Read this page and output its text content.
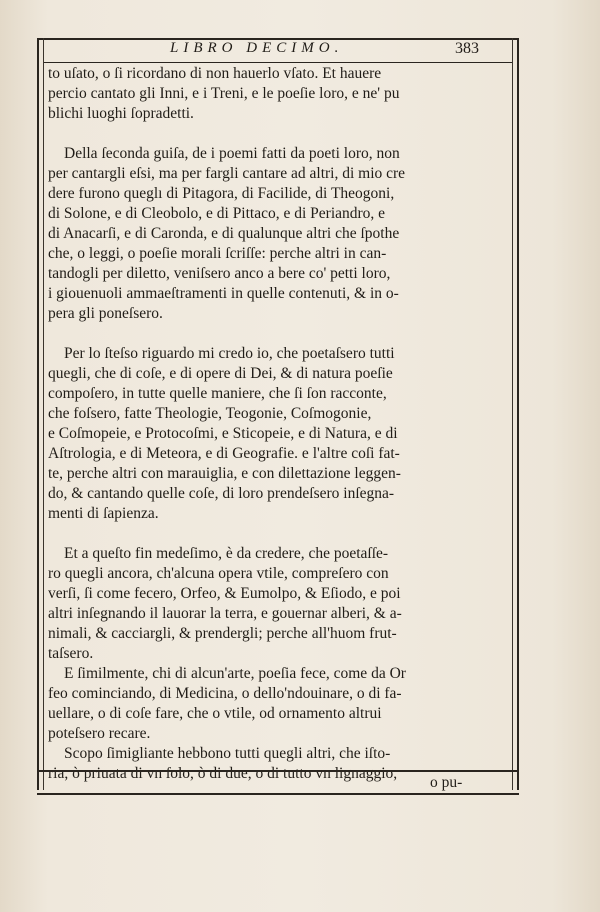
LIBRO DECIMO.	383
to uſato, o ſi ricordano di non hauerlo vſato. Et hauere
percio cantato gli Inni, e i Treni, e le poeſie loro, e ne' pu
blichi luoghi ſopradetti.
Della ſeconda guiſa, de i poemi fatti da poeti loro, non
per cantargli eſsi, ma per fargli cantare ad altri, di mio cre
dere furono queglı di Pitagora, di Facilide, di Theogoni,
di Solone, e di Cleobolo, e di Pittaco, e di Periandro, e
di Anacarſi, e di Caronda, e di qualunque altri che ſpothe
che, o leggi, o poeſie morali ſcriſſe: perche altri in can-
tandogli per diletto, veniſsero anco a bere co' petti loro,
i giouenuoli ammaeſtramenti in quelle contenuti, & in o-
pera gli poneſsero.
Per lo ſteſso riguardo mi credo io, che poetaſsero tutti
quegli, che di coſe, e di opere di Dei, & di natura poeſie
compoſero, in tutte quelle maniere, che ſi ſon racconte,
che foſsero, fatte Theologie, Teogonie, Coſmogonie,
e Coſmopeie, e Protocoſmi, e Sticopeie, e di Natura, e di
Aſtrologia, e di Meteora, e di Geografie. e l'altre coſi fat-
te, perche altri con marauiglia, e con dilettazione leggen-
do, & cantando quelle coſe, di loro prendeſsero inſegna-
menti di ſapienza.
Et a queſto fin medeſimo, è da credere, che poetaſſe-
ro quegli ancora, ch'alcuna opera vtile, compreſero con
verſi, ſi come fecero, Orfeo, & Eumolpo, & Eſiodo, e poi
altri inſegnando il lauorar la terra, e gouernar alberi, & a-
nimali, & cacciargli, & prendergli; perche all'huom frut-
taſsero.
E ſimilmente, chi di alcun'arte, poeſia fece, come da Or
feo cominciando, di Medicina, o dello'ndouinare, o di fa-
uellare, o di coſe fare, che o vtile, od ornamento altrui
poteſsero recare.
Scopo ſimigliante hebbono tutti quegli altri, che iſto-
ria, ò priuata di vn ſolo, ò di due, o di tutto vn lignaggio,
o pu-
